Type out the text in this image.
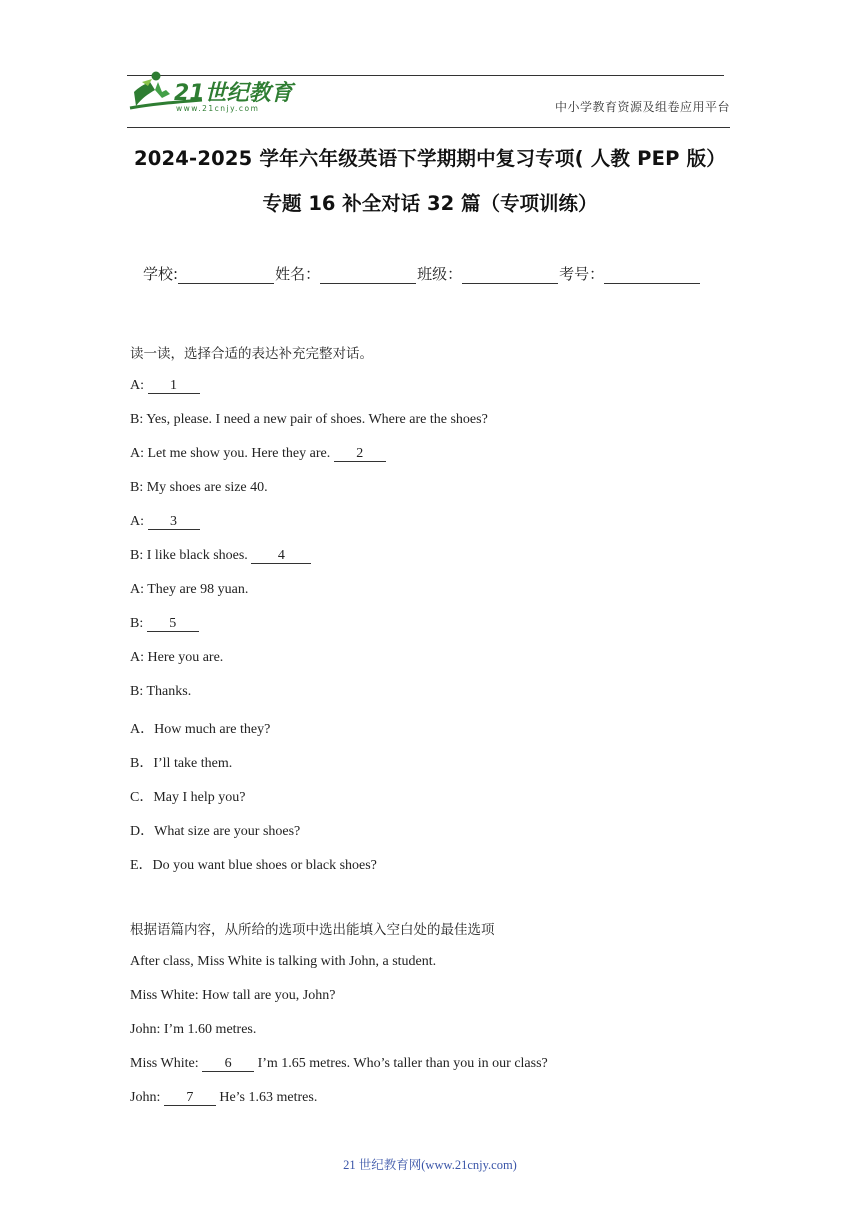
21世纪教育
www.21cnjy.com	中小学教育资源及组卷应用平台
2024-2025 学年六年级英语下学期期中复习专项( 人教 PEP 版）
专题 16 补全对话 32 篇（专项训练）
学校:	姓名：	班级：	考号：
读一读，选择合适的表达补充完整对话。
A: 1
B: Yes, please. I need a new pair of shoes. Where are the shoes?
A: Let me show you. Here they are. 2
B: My shoes are size 40.
A: 3
B: I like black shoes. 4
A: They are 98 yuan.
B: 5
A: Here you are.
B: Thanks.
A．How much are they?
B．I’ll take them.
C．May I help you?
D．What size are your shoes?
E．Do you want blue shoes or black shoes?
根据语篇内容，从所给的选项中选出能填入空白处的最佳选项
After class, Miss White is talking with John, a student.
Miss White: How tall are you, John?
John: I’m 1.60 metres.
Miss White: 6 I’m 1.65 metres. Who’s taller than you in our class?
John: 7 He’s 1.63 metres.
21 世纪教育网(www.21cnjy.com)
